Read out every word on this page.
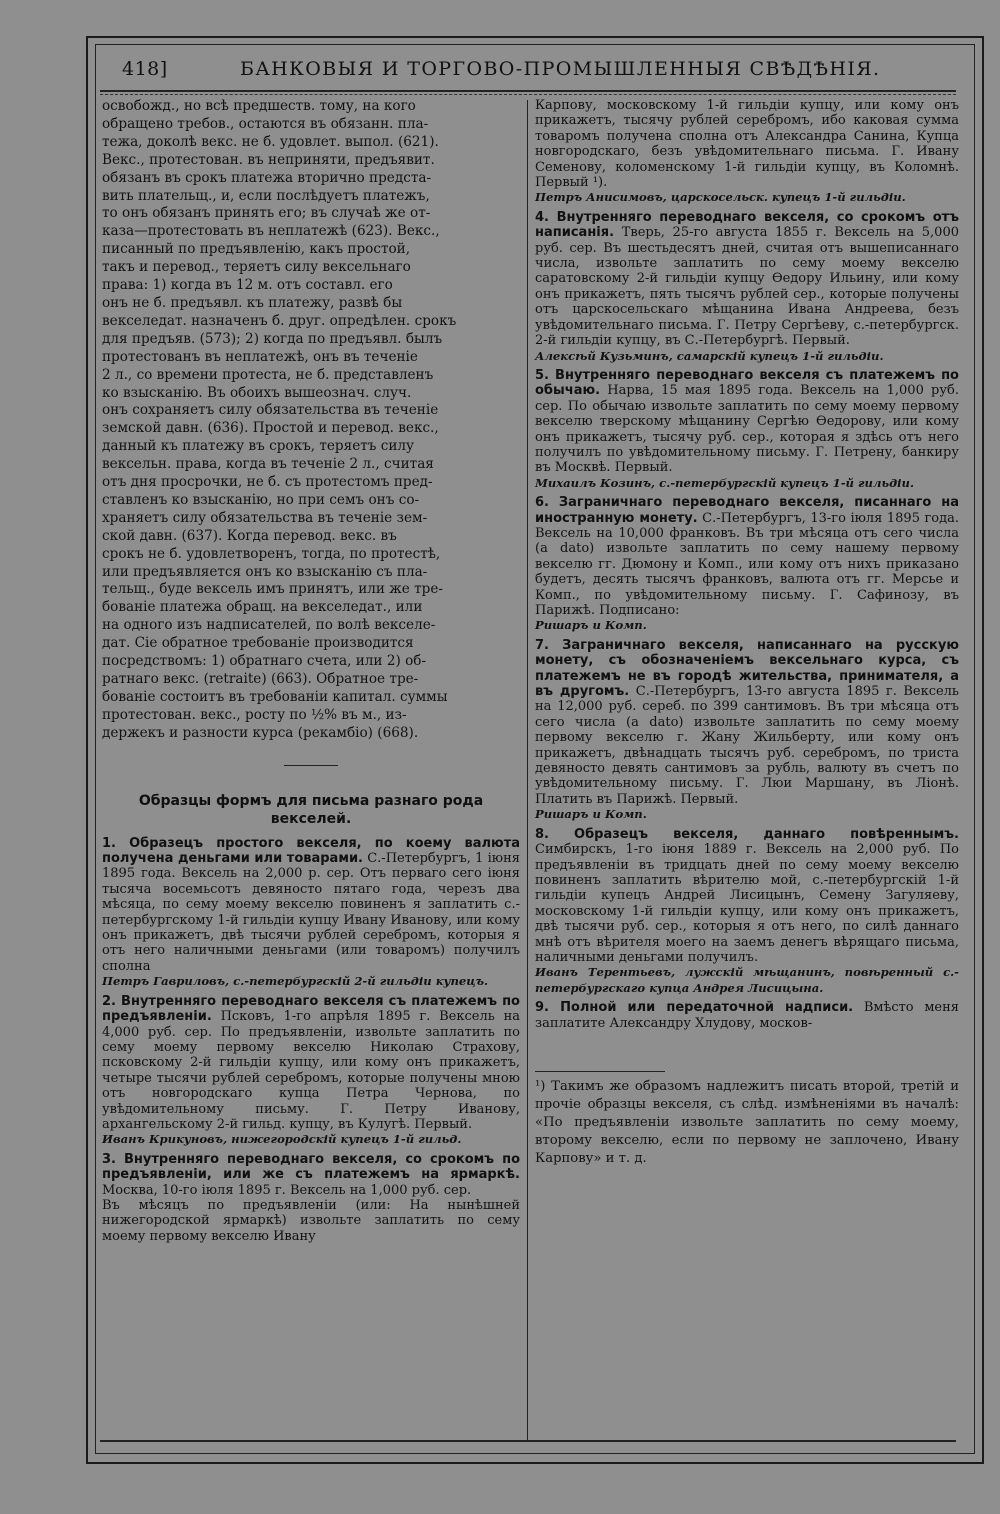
418]	БАНКОВЫЯ И ТОРГОВО-ПРОМЫШЛЕННЫЯ СВѢДѢНІЯ.

освобожд., но всѣ предшеств. тому, на кого

обращено требов., остаются въ обязанн. пла-

тежа, доколѣ векс. не б. удовлет. выпол. (621).

Векс., протестован. въ неприняти, предъявит.

обязанъ въ срокъ платежа вторично предста-

вить плательщ., и, если послѣдуетъ платежъ,

то онъ обязанъ принять его; въ случаѣ же от-

каза—протестовать въ неплатежѣ (623). Векс.,

писанный по предъявленію, какъ простой,

такъ и перевод., теряетъ силу вексельнаго

права: 1) когда въ 12 м. отъ составл. его

онъ не б. предъявл. къ платежу, развѣ бы

векселедат. назначенъ б. друг. опредѣлен. срокъ

для предъяв. (573); 2) когда по предъявл. былъ

протестованъ въ неплатежѣ, онъ въ теченіе

2 л., со времени протеста, не б. представленъ

ко взысканію. Въ обоихъ вышеознач. случ.

онъ сохраняетъ силу обязательства въ теченіе

земской давн. (636). Простой и перевод. векс.,

данный къ платежу въ срокъ, теряетъ силу

вексельн. права, когда въ теченіе 2 л., считая

отъ дня просрочки, не б. съ протестомъ пред-

ставленъ ко взысканію, но при семъ онъ со-

храняетъ силу обязательства въ теченіе зем-

ской давн. (637). Когда перевод. векс. въ

срокъ не б. удовлетворенъ, тогда, по протестѣ,

или предъявляется онъ ко взысканію съ пла-

тельщ., буде вексель имъ принятъ, или же тре-

бованіе платежа обращ. на векселедат., или

на одного изъ надписателей, по волѣ векселе-

дат. Сіе обратное требованіе производится

посредствомъ: 1) обратнаго счета, или 2) об-

ратнаго векс. (retraite) (663). Обратное тре-

бованіе состоитъ въ требованіи капитал. суммы

протестован. векс., росту по ½% въ м., из-

держекъ и разности курса (рекамбіо) (668).

Образцы формъ для письма разнаго рода векселей.

1. Образецъ простого векселя, по коему валюта получена деньгами или товарами. С.-Петербургъ, 1 іюня 1895 года. Вексель на 2,000 р. сер. Отъ перваго сего іюня тысяча восемьсотъ девяносто пятаго года, черезъ два мѣсяца, по сему моему векселю повиненъ я заплатить с.-петербургскому 1-й гильдіи купцу Ивану Иванову, или кому онъ прикажетъ, двѣ тысячи рублей серебромъ, которыя я отъ него наличными деньгами (или товаромъ) получилъ сполна

Петръ Гавриловъ, с.-петербургскій 2-й гильдіи купецъ.

2. Внутренняго переводнаго векселя съ платежемъ по предъявленіи. Псковъ, 1-го апрѣля 1895 г. Вексель на 4,000 руб. сер. По предъявленіи, извольте заплатить по сему моему первому векселю Николаю Страхову, псковскому 2-й гильдіи купцу, или кому онъ прикажетъ, четыре тысячи рублей серебромъ, которые получены мною отъ новгородскаго купца Петра Чернова, по увѣдомительному письму. Г. Петру Иванову, архангельскому 2-й гильд. купцу, въ Кулугѣ. Первый.

Иванъ Крикуновъ, нижегородскій купецъ 1-й гильд.

3. Внутренняго переводнаго векселя, со срокомъ по предъявленіи, или же съ платежемъ на ярмаркѣ. Москва, 10-го іюля 1895 г. Вексель на 1,000 руб. сер.

Въ мѣсяцъ по предъявленіи (или: На нынѣшней нижегородской ярмаркѣ) извольте заплатить по сему моему первому векселю Ивану

Карпову, московскому 1-й гильдіи купцу, или кому онъ прикажетъ, тысячу рублей серебромъ, ибо каковая сумма товаромъ получена сполна отъ Александра Санина, Купца новгородскаго, безъ увѣдомительнаго письма. Г. Ивану Семенову, коломенскому 1-й гильдіи купцу, въ Коломнѣ. Первый ¹).

Петръ Анисимовъ, царскосельск. купецъ 1-й гильдіи.

4. Внутренняго переводнаго векселя, со срокомъ отъ написанія. Тверь, 25-го августа 1855 г. Вексель на 5,000 руб. сер. Въ шестьдесятъ дней, считая отъ вышеписаннаго числа, извольте заплатить по сему моему векселю саратовскому 2-й гильдіи купцу Ѳедору Ильину, или кому онъ прикажетъ, пять тысячъ рублей сер., которые получены отъ царскосельскаго мѣщанина Ивана Андреева, безъ увѣдомительнаго письма. Г. Петру Сергѣеву, с.-петербургск. 2-й гильдіи купцу, въ С.-Петербургѣ. Первый.

Алексѣй Кузьминъ, самарскій купецъ 1-й гильдіи.

5. Внутренняго переводнаго векселя съ платежемъ по обычаю. Нарва, 15 мая 1895 года. Вексель на 1,000 руб. сер. По обычаю извольте заплатить по сему моему первому векселю тверскому мѣщанину Сергѣю Ѳедорову, или кому онъ прикажетъ, тысячу руб. сер., которая я здѣсь отъ него получилъ по увѣдомительному письму. Г. Петрену, банкиру въ Москвѣ. Первый.

Михаилъ Козинъ, с.-петербургскій купецъ 1-й гильдіи.

6. Заграничнаго переводнаго векселя, писаннаго на иностранную монету. С.-Петербургъ, 13-го іюля 1895 года. Вексель на 10,000 франковъ. Въ три мѣсяца отъ сего числа (a dato) извольте заплатить по сему нашему первому векселю гг. Дюмону и Комп., или кому отъ нихъ приказано будетъ, десять тысячъ франковъ, валюта отъ гг. Мерсье и Комп., по увѣдомительному письму. Г. Сафинозу, въ Парижѣ. Подписано:

Ришаръ и Комп.

7. Заграничнаго векселя, написаннаго на русскую монету, съ обозначеніемъ вексельнаго курса, съ платежемъ не въ городѣ жительства, принимателя, а въ другомъ. С.-Петербургъ, 13-го августа 1895 г. Вексель на 12,000 руб. сереб. по 399 сантимовъ. Въ три мѣсяца отъ сего числа (a dato) извольте заплатить по сему моему первому векселю г. Жану Жильберту, или кому онъ прикажетъ, двѣнадцать тысячъ руб. серебромъ, по триста девяносто девять сантимовъ за рубль, валюту въ счетъ по увѣдомительному письму. Г. Люи Маршану, въ Ліонѣ. Платить въ Парижѣ. Первый.

Ришаръ и Комп.

8. Образецъ векселя, даннаго повѣреннымъ. Симбирскъ, 1-го іюня 1889 г. Вексель на 2,000 руб. По предъявленіи въ тридцать дней по сему моему векселю повиненъ заплатить вѣрителю мой, с.-петербургскій 1-й гильдіи купецъ Андрей Лисицынъ, Семену Загуляеву, московскому 1-й гильдіи купцу, или кому онъ прикажетъ, двѣ тысячи руб. сер., которыя я отъ него, по силѣ даннаго мнѣ отъ вѣрителя моего на заемъ денегъ вѣрящаго письма, наличными деньгами получилъ.

Иванъ Терентьевъ, лужскій мѣщанинъ, повѣренный с.-петербургскаго купца Андрея Лисицына.

9. Полной или передаточной надписи. Вмѣсто меня заплатите Александру Хлудову, москов-

¹) Такимъ же образомъ надлежитъ писать второй, третій и прочіе образцы векселя, съ слѣд. измѣненіями въ началѣ: «По предъявленіи извольте заплатить по сему моему, второму векселю, если по первому не заплочено, Ивану Карпову» и т. д.
